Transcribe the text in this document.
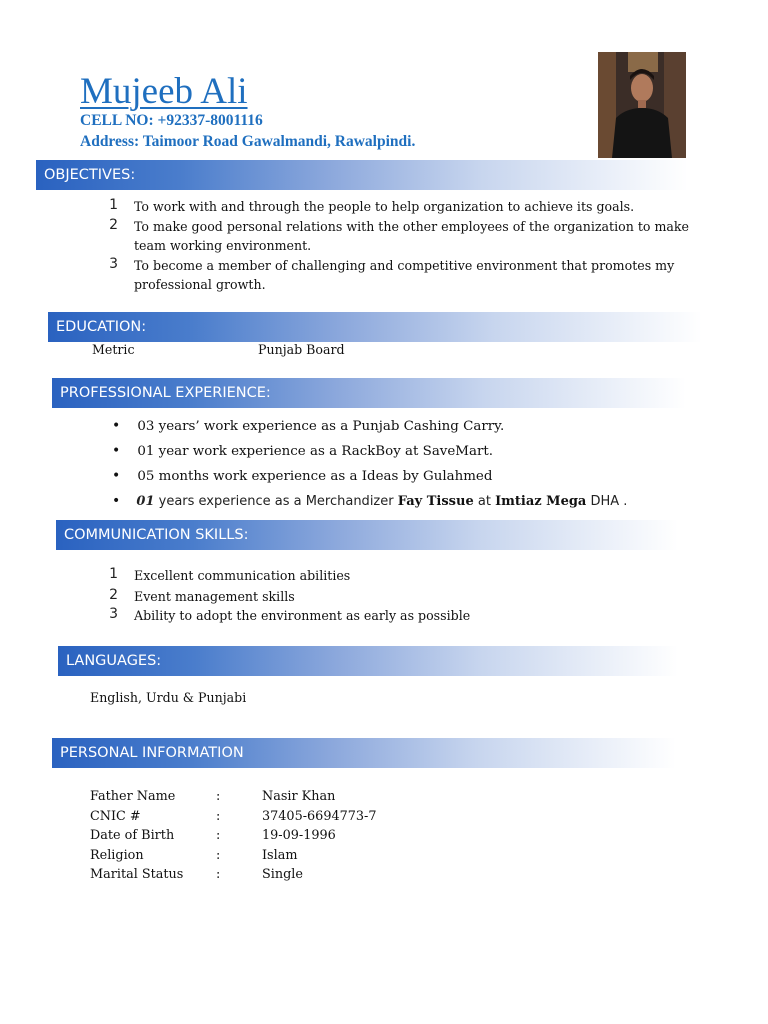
Mujeeb Ali
CELL NO: +92337-8001116
Address: Taimoor Road Gawalmandi, Rawalpindi.
OBJECTIVES:
1 To work with and through the people to help organization to achieve its goals.
2 To make good personal relations with the other employees of the organization to make
team working environment.
3 To become a member of challenging and competitive environment that promotes my
professional growth.
EDUCATION:
Metric	Punjab Board
PROFESSIONAL EXPERIENCE:
• 03 years’ work experience as a Punjab Cashing Carry.
• 01 year work experience as a RackBoy at SaveMart.
• 05 months work experience as a Ideas by Gulahmed
• 01 years experience as a Merchandizer Fay Tissue at Imtiaz Mega DHA .
COMMUNICATION SKILLS:
1 Excellent communication abilities
2 Event management skills
3 Ability to adopt the environment as early as possible
LANGUAGES:
English, Urdu & Punjabi
PERSONAL INFORMATION
Father Name	:	Nasir Khan
CNIC #	:	37405-6694773-7
Date of Birth	:	19-09-1996
Religion	:	Islam
Marital Status	:	Single
